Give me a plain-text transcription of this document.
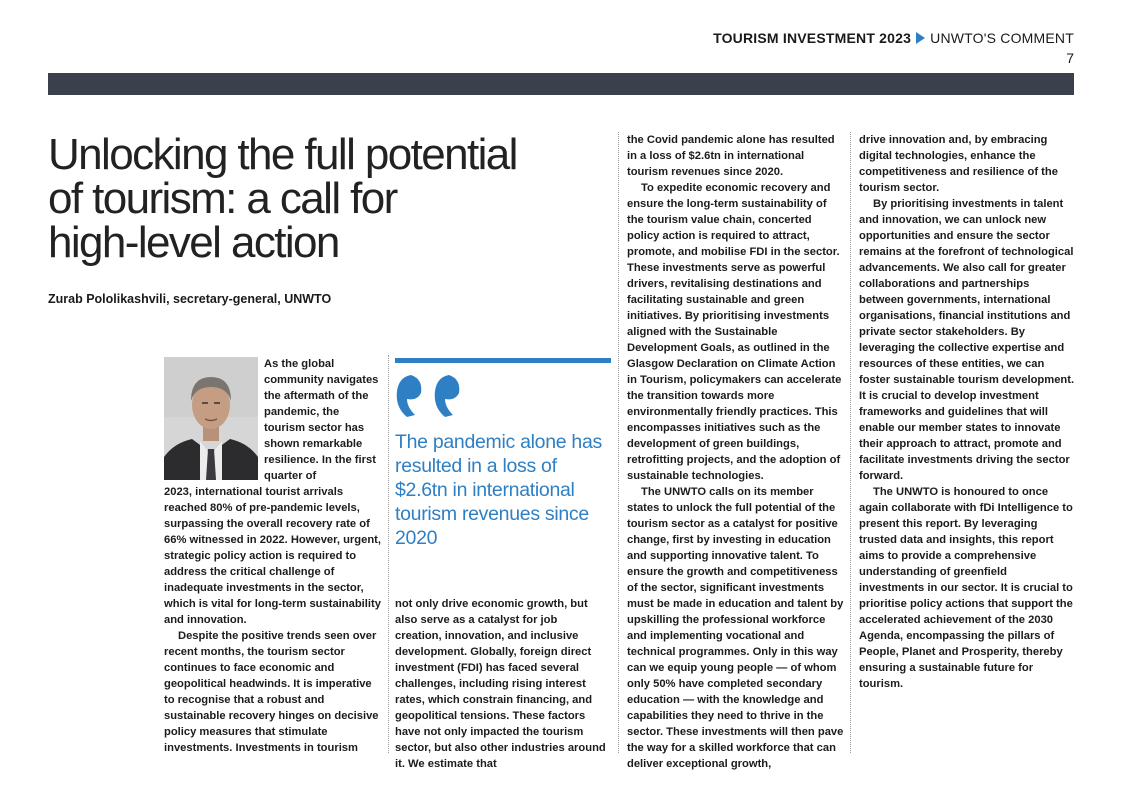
TOURISM INVESTMENT 2023 UNWTO'S COMMENT
7
Unlocking the full potential
of tourism: a call for
high-level action
Zurab Pololikashvili, secretary-general, UNWTO

As the global community navigates the aftermath of the pandemic, the tourism sector has shown remarkable resilience. In the first quarter of

2023, international tourist arrivals reached 80% of pre-pandemic levels, surpassing the overall recovery rate of 66% witnessed in 2022. However, urgent, strategic policy action is required to address the critical challenge of inadequate investments in the sector, which is vital for long-term sustainability and innovation.

Despite the positive trends seen over recent months, the tourism sector continues to face economic and geopolitical headwinds. It is imperative to recognise that a robust and sustainable recovery hinges on decisive policy measures that stimulate investments. Investments in tourism

The pandemic alone has resulted in a loss of $2.6tn in international tourism revenues since 2020

not only drive economic growth, but also serve as a catalyst for job creation, innovation, and inclusive development. Globally, foreign direct investment (FDI) has faced several challenges, including rising interest rates, which constrain financing, and geopolitical tensions. These factors have not only impacted the tourism sector, but also other industries around it. We estimate that

the Covid pandemic alone has resulted in a loss of $2.6tn in international tourism revenues since 2020.

To expedite economic recovery and ensure the long-term sustainability of the tourism value chain, concerted policy action is required to attract, promote, and mobilise FDI in the sector. These investments serve as powerful drivers, revitalising destinations and facilitating sustainable and green initiatives. By prioritising investments aligned with the Sustainable Development Goals, as outlined in the Glasgow Declaration on Climate Action in Tourism, policymakers can accelerate the transition towards more environmentally friendly practices. This encompasses initiatives such as the development of green buildings, retrofitting projects, and the adoption of sustainable technologies.

The UNWTO calls on its member states to unlock the full potential of the tourism sector as a catalyst for positive change, first by investing in education and supporting innovative talent. To ensure the growth and competitiveness of the sector, significant investments must be made in education and talent by upskilling the professional workforce and implementing vocational and technical programmes. Only in this way can we equip young people — of whom only 50% have completed secondary education — with the knowledge and capabilities they need to thrive in the sector. These investments will then pave the way for a skilled workforce that can deliver exceptional growth,

drive innovation and, by embracing digital technologies, enhance the competitiveness and resilience of the tourism sector.

By prioritising investments in talent and innovation, we can unlock new opportunities and ensure the sector remains at the forefront of technological advancements. We also call for greater collaborations and partnerships between governments, international organisations, financial institutions and private sector stakeholders. By leveraging the collective expertise and resources of these entities, we can foster sustainable tourism development. It is crucial to develop investment frameworks and guidelines that will enable our member states to innovate their approach to attract, promote and facilitate investments driving the sector forward.

The UNWTO is honoured to once again collaborate with fDi Intelligence to present this report. By leveraging trusted data and insights, this report aims to provide a comprehensive understanding of greenfield investments in our sector. It is crucial to prioritise policy actions that support the accelerated achievement of the 2030 Agenda, encompassing the pillars of People, Planet and Prosperity, thereby ensuring a sustainable future for tourism.
